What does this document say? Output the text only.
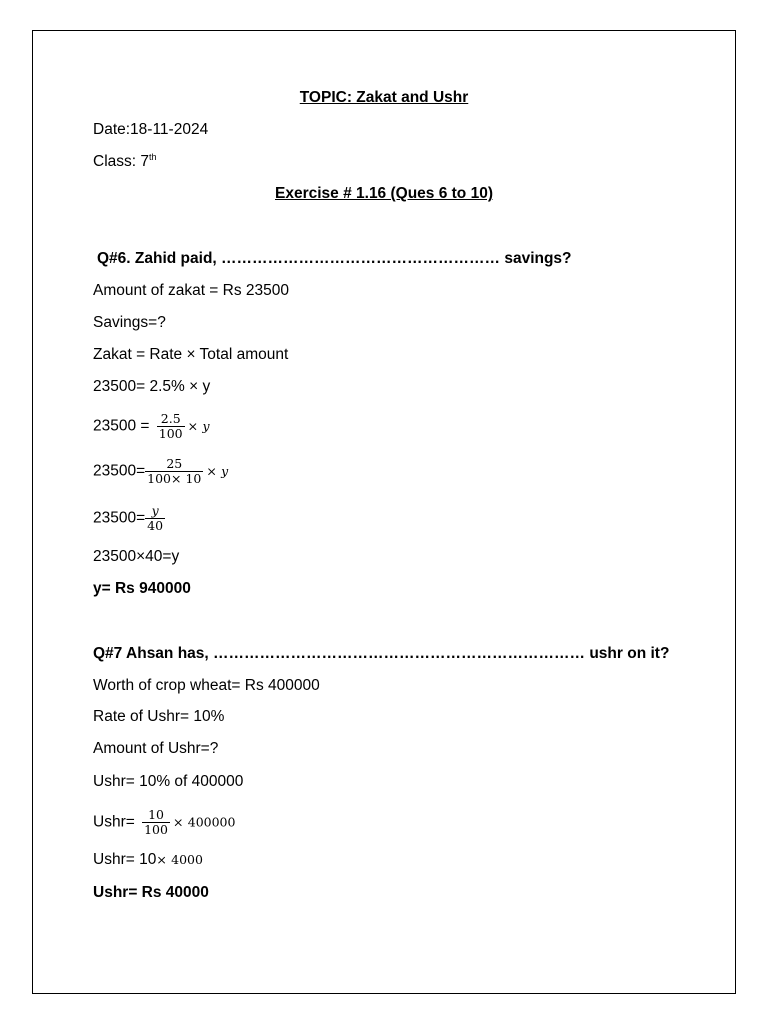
TOPIC: Zakat and Ushr
Date:18-11-2024
Class: 7th
Exercise # 1.16 (Ques 6 to 10)
Q#6. Zahid paid, ……………………………………………… savings?
Amount of zakat = Rs 23500
Savings=?
Zakat = Rate × Total amount
23500= 2.5% × y
$23500 = \frac{2.5}{100} \times y$
$23500= \frac{25}{100\times 10} \times y$
$23500= \frac{y}{40}$
23500×40=y
y= Rs 940000
Q#7 Ahsan has, ……………………………………………………………… ushr on it?
Worth of crop wheat= Rs 400000
Rate of Ushr= 10%
Amount of Ushr=?
Ushr= 10% of 400000
Ushr= $\frac{10}{100} \times 400000$
Ushr= 10× 4000
Ushr= Rs 40000
